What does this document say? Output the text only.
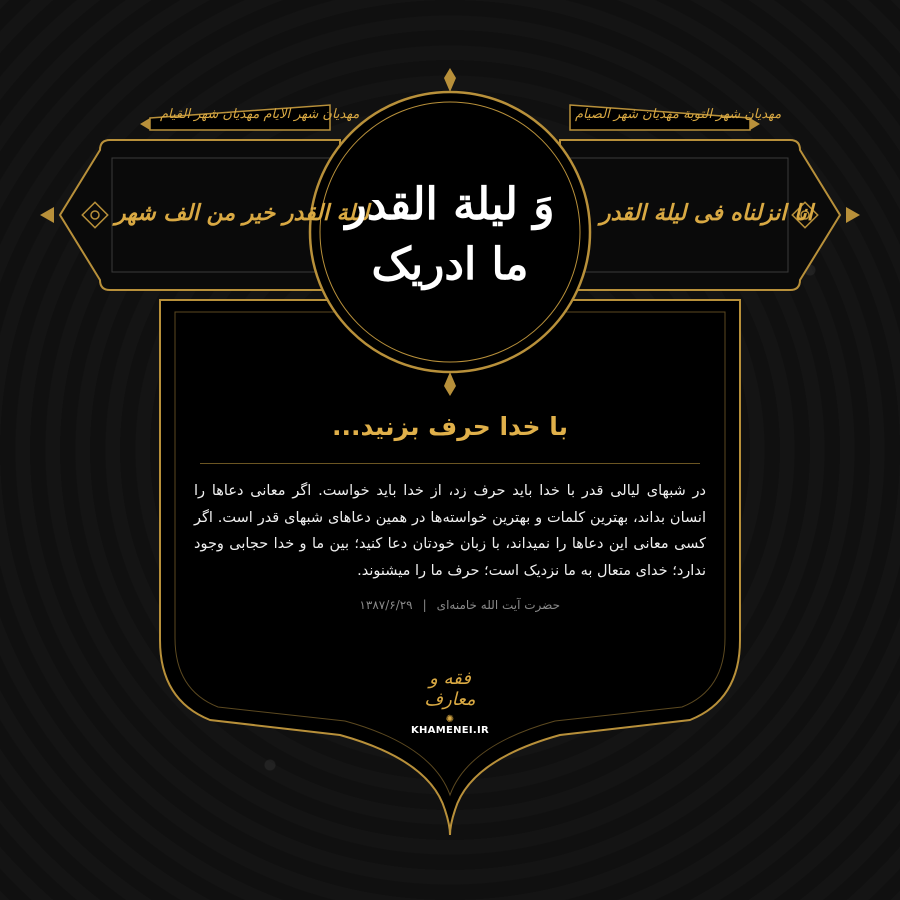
مهدیان شهر التوبة مهدیان شهر الصیام
مهدیان شهر الایام مهدیان شهر القیام
انا انزلناه فی لیلة القدر
لیلة القدر خیر من الف شهر
وَ لیلة القدر
ما ادریک
با خدا حرف بزنید...
در شبهای لیالی قدر با خدا باید حرف زد، از خدا باید خواست. اگر معانی دعاها را انسان بداند، بهترین کلمات و بهترین خواسته‌ها در همین دعاهای شبهای قدر است. اگر کسی معانی این دعاها را نمیداند، با زبان خودتان دعا کنید؛ بین ما و خدا حجابی وجود ندارد؛ خدای متعال به ما نزدیک است؛ حرف ما را میشنوند.
حضرت آیت الله خامنه‌ای|۱۳۸۷/۶/۲۹
فقه و معارف
✺ KHAMENEI.IR
